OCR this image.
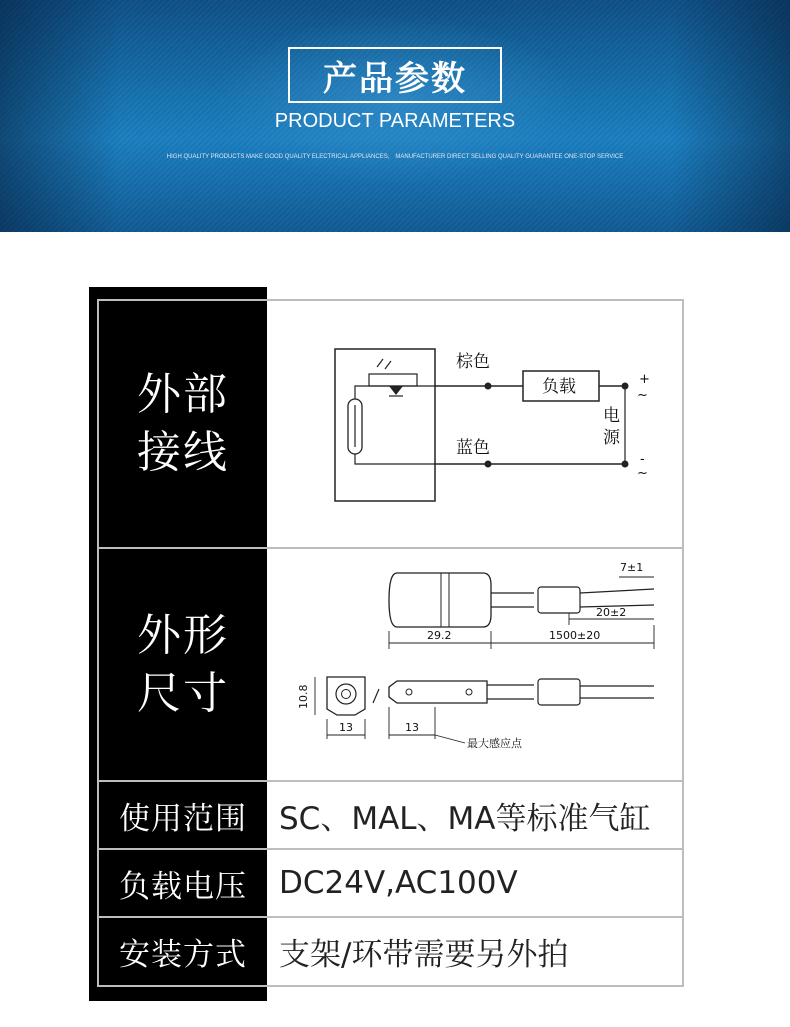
产品参数
PRODUCT PARAMETERS
HIGH QUALITY PRODUCTS MAKE GOOD QUALITY ELECTRICAL APPLIANCES， MANUFACTURER DIRECT SELLING QUALITY GUARANTEE ONE-STOP SERVICE
外部
接线
棕色
负载
蓝色
电
源
+
~
-
~
外形
尺寸
7±1
20±2
29.2	1500±20
10.8
13	13
最大感应点
使用范围	SC、MAL、MA等标准气缸
负载电压	DC24V,AC100V
安装方式	支架/环带需要另外拍
